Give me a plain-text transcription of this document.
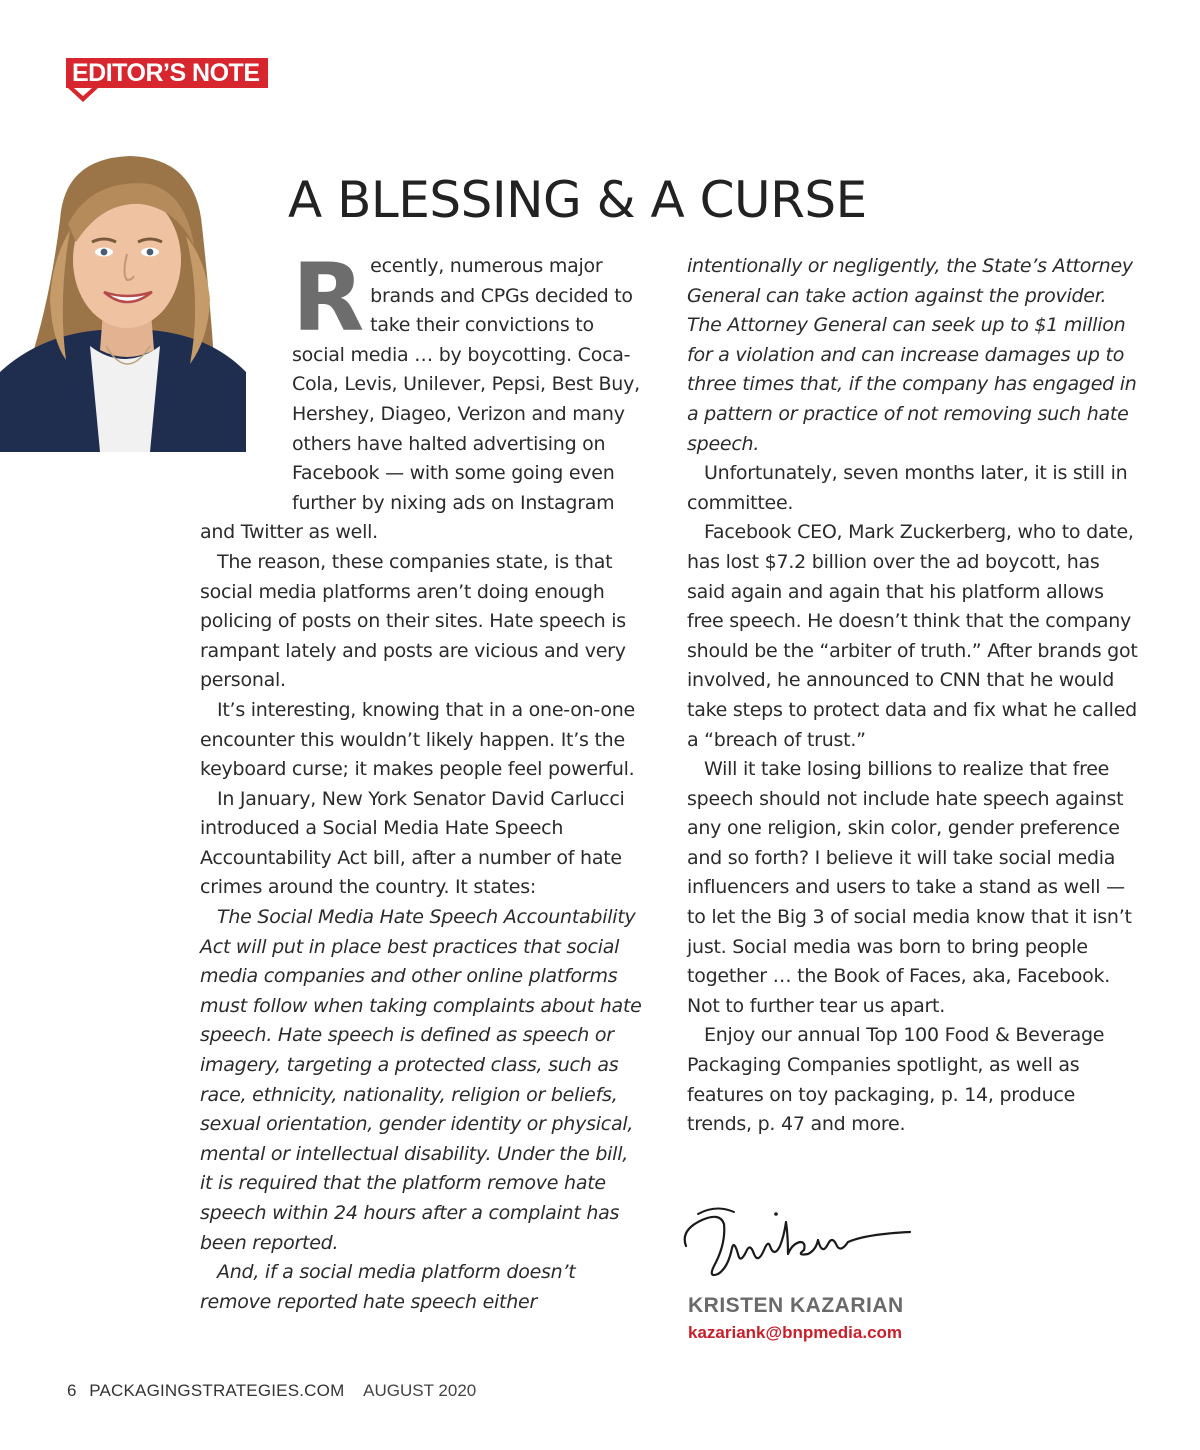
EDITOR’S NOTE
A BLESSING & A CURSE
R ecently, numerous major brands and CPGs decided to take their convictions to social media … by boycotting. Coca-Cola, Levis, Unilever, Pepsi, Best Buy, Hershey, Diageo, Verizon and many others have halted advertising on Facebook — with some going even further by nixing ads on Instagram and Twitter as well.

The reason, these companies state, is that social media platforms aren’t doing enough policing of posts on their sites. Hate speech is rampant lately and posts are vicious and very personal.

It’s interesting, knowing that in a one-on-one encounter this wouldn’t likely happen. It’s the keyboard curse; it makes people feel powerful.

In January, New York Senator David Carlucci introduced a Social Media Hate Speech Accountability Act bill, after a number of hate crimes around the country. It states:

The Social Media Hate Speech Accountability Act will put in place best practices that social media companies and other online platforms must follow when taking complaints about hate speech. Hate speech is defined as speech or imagery, targeting a protected class, such as race, ethnicity, nationality, religion or beliefs, sexual orientation, gender identity or physical, mental or intellectual disability. Under the bill, it is required that the platform remove hate speech within 24 hours after a complaint has been reported.

And, if a social media platform doesn’t remove reported hate speech either

intentionally or negligently, the State’s Attorney General can take action against the provider. The Attorney General can seek up to $1 million for a violation and can increase damages up to three times that, if the company has engaged in a pattern or practice of not removing such hate speech.

Unfortunately, seven months later, it is still in committee.

Facebook CEO, Mark Zuckerberg, who to date, has lost $7.2 billion over the ad boycott, has said again and again that his platform allows free speech. He doesn’t think that the company should be the “arbiter of truth.” After brands got involved, he announced to CNN that he would take steps to protect data and fix what he called a “breach of trust.”

Will it take losing billions to realize that free speech should not include hate speech against any one religion, skin color, gender preference and so forth? I believe it will take social media influencers and users to take a stand as well — to let the Big 3 of social media know that it isn’t just. Social media was born to bring people together … the Book of Faces, aka, Facebook. Not to further tear us apart.

Enjoy our annual Top 100 Food & Beverage Packaging Companies spotlight, as well as features on toy packaging, p. 14, produce trends, p. 47 and more.

KRISTEN KAZARIAN
kazariank@bnpmedia.com
6 PACKAGINGSTRATEGIES.COM AUGUST 2020
